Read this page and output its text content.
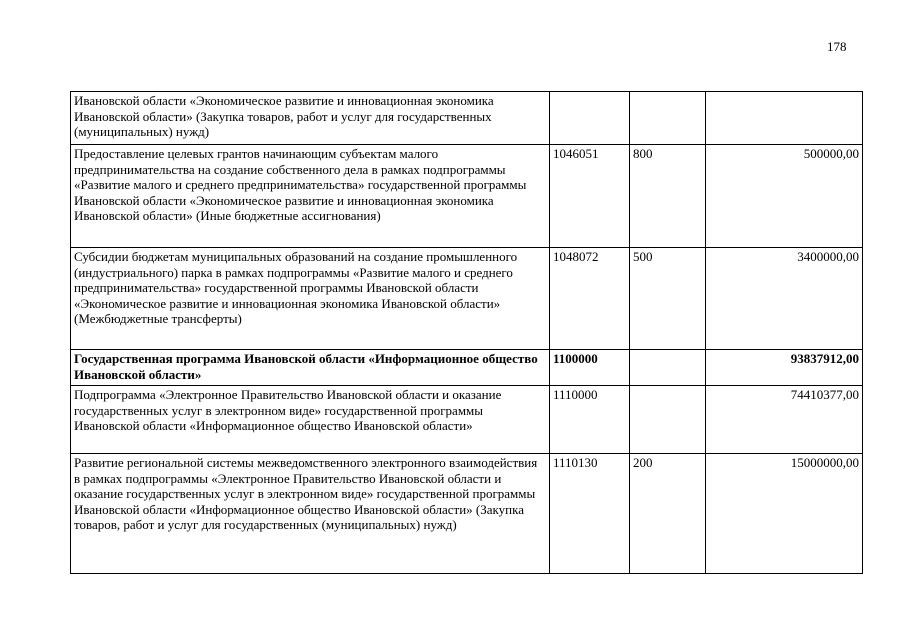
178
Ивановской области «Экономическое развитие и инновационная экономика Ивановской области» (Закупка товаров, работ и услуг для государственных (муниципальных) нужд)			
Предоставление целевых грантов начинающим субъектам малого предпринимательства на создание собственного дела в рамках подпрограммы «Развитие малого и среднего предпринимательства» государственной программы Ивановской области «Экономическое развитие и инновационная экономика Ивановской области» (Иные бюджетные ассигнования)	1046051	800	500000,00
Субсидии бюджетам муниципальных образований на создание промышленного (индустриального) парка в рамках подпрограммы «Развитие малого и среднего предпринимательства» государственной программы Ивановской области «Экономическое развитие и инновационная экономика Ивановской области» (Межбюджетные трансферты)	1048072	500	3400000,00
Государственная программа Ивановской области «Информационное общество Ивановской области»	1100000		93837912,00
Подпрограмма «Электронное Правительство Ивановской области и оказание государственных услуг в электронном виде» государственной программы Ивановской области «Информационное общество Ивановской области»	1110000		74410377,00
Развитие региональной системы межведомственного электронного взаимодействия в рамках подпрограммы «Электронное Правительство Ивановской области и оказание государственных услуг в электронном виде» государственной программы Ивановской области «Информационное общество Ивановской области» (Закупка товаров, работ и услуг для государственных (муниципальных) нужд)	1110130	200	15000000,00
